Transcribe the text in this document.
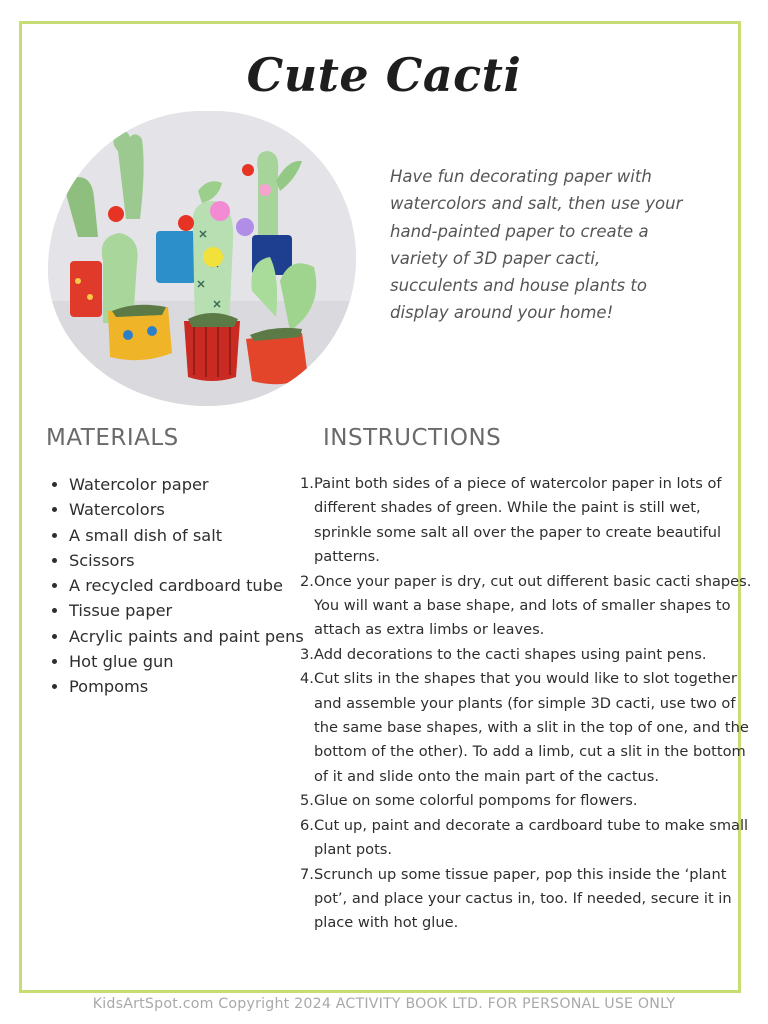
Cute Cacti

Have fun decorating paper with watercolors and salt, then use your hand-painted paper to create a variety of 3D paper cacti, succulents and house plants to display around your home!

MATERIALS	INSTRUCTIONS
• Watercolor paper
• Watercolors
• A small dish of salt
• Scissors
• A recycled cardboard tube
• Tissue paper
• Acrylic paints and paint pens
• Hot glue gun
• Pompoms
Paint both sides of a piece of watercolor paper in lots of different shades of green. While the paint is still wet, sprinkle some salt all over the paper to create beautiful patterns.
Once your paper is dry, cut out different basic cacti shapes. You will want a base shape, and lots of smaller shapes to attach as extra limbs or leaves.
Add decorations to the cacti shapes using paint pens.
Cut slits in the shapes that you would like to slot together and assemble your plants (for simple 3D cacti, use two of the same base shapes, with a slit in the top of one, and the bottom of the other). To add a limb, cut a slit in the bottom of it and slide onto the main part of the cactus.
Glue on some colorful pompoms for flowers.
Cut up, paint and decorate a cardboard tube to make small plant pots.
Scrunch up some tissue paper, pop this inside the ‘plant pot’, and place your cactus in, too. If needed, secure it in place with hot glue.

KidsArtSpot.com Copyright 2024 ACTIVITY BOOK LTD. FOR PERSONAL USE ONLY
